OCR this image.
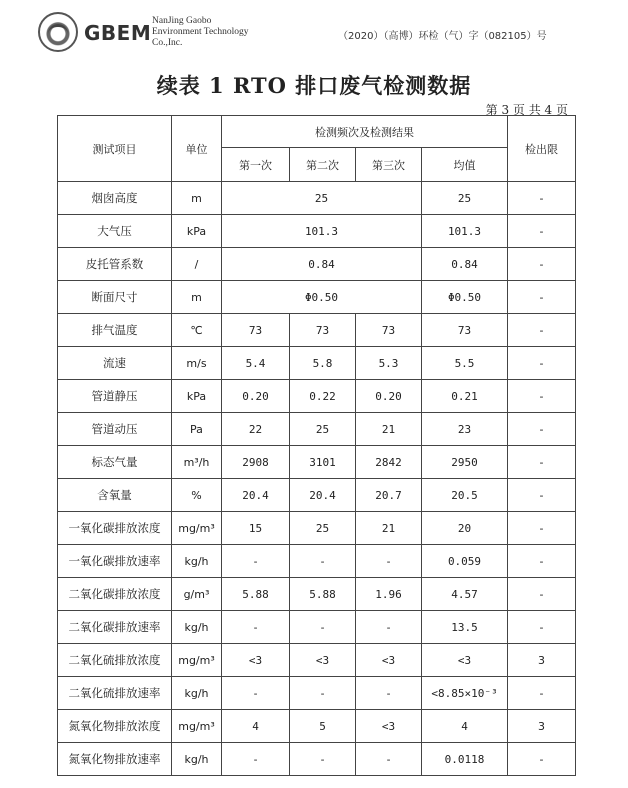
GBEM NanJing Gaobo
Environment Technology
Co.,Inc.
（2020）（高博）环检（气）字（082105）号
续表 1 RTO 排口废气检测数据
第 3 页 共 4 页
测试项目	单位	检测频次及检测结果				检出限
		第一次	第二次	第三次	均值	
烟囱高度	m	25			25	-
大气压	kPa	101.3			101.3	-
皮托管系数	/	0.84			0.84	-
断面尺寸	m	Φ0.50			Φ0.50	-
排气温度	℃	73	73	73	73	-
流速	m/s	5.4	5.8	5.3	5.5	-
管道静压	kPa	0.20	0.22	0.20	0.21	-
管道动压	Pa	22	25	21	23	-
标态气量	m³/h	2908	3101	2842	2950	-
含氧量	%	20.4	20.4	20.7	20.5	-
一氧化碳排放浓度	mg/m³	15	25	21	20	-
一氧化碳排放速率	kg/h	-	-	-	0.059	-
二氧化碳排放浓度	g/m³	5.88	5.88	1.96	4.57	-
二氧化碳排放速率	kg/h	-	-	-	13.5	-
二氧化硫排放浓度	mg/m³	<3	<3	<3	<3	3
二氧化硫排放速率	kg/h	-	-	-	<8.85×10⁻³	-
氮氧化物排放浓度	mg/m³	4	5	<3	4	3
氮氧化物排放速率	kg/h	-	-	-	0.0118	-
